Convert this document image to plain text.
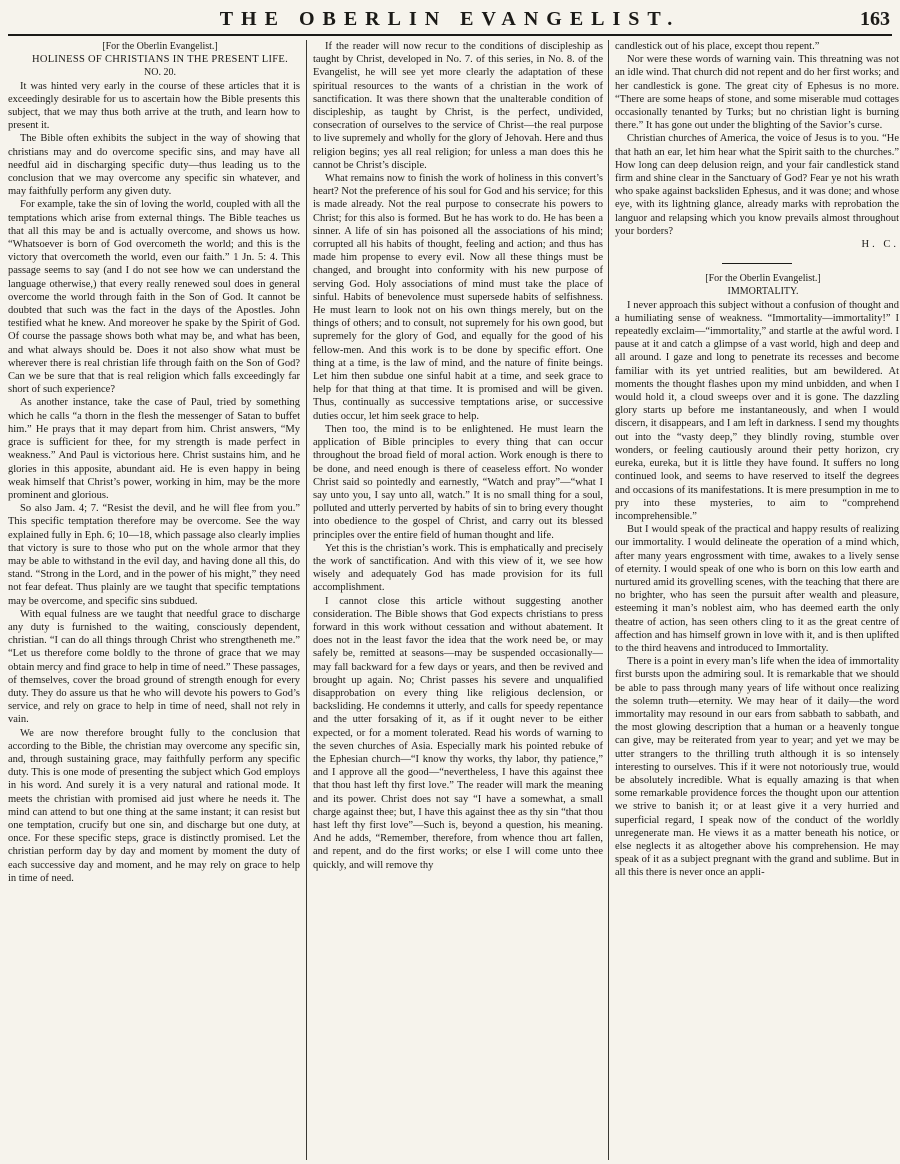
THE OBERLIN EVANGELIST.	163

[For the Oberlin Evangelist.]

HOLINESS OF CHRISTIANS IN THE PRESENT LIFE.

NO. 20.

It was hinted very early in the course of these articles that it is exceedingly desirable for us to ascertain how the Bible presents this subject, that we may thus both arrive at the truth, and learn how to present it.

The Bible often exhibits the subject in the way of showing that christians may and do overcome specific sins, and may have all needful aid in discharging specific duty—thus leading us to the conclusion that we may overcome any specific sin whatever, and may faithfully perform any given duty.

For example, take the sin of loving the world, coupled with all the temptations which arise from external things. The Bible teaches us that all this may be and is actually overcome, and shows us how. “Whatsoever is born of God overcometh the world; and this is the victory that overcometh the world, even our faith.” 1 Jn. 5: 4. This passage seems to say (and I do not see how we can understand the language otherwise,) that every really renewed soul does in general overcome the world through faith in the Son of God. It cannot be doubted that such was the fact in the days of the Apostles. John testified what he knew. And moreover he spake by the Spirit of God. Of course the passage shows both what may be, and what has been, and what always should be. Does it not also show what must be wherever there is real christian life through faith on the Son of God? Can we be sure that that is real religion which falls exceedingly far short of such experience?

As another instance, take the case of Paul, tried by something which he calls “a thorn in the flesh the messenger of Satan to buffet him.” He prays that it may depart from him. Christ answers, “My grace is sufficient for thee, for my strength is made perfect in weakness.” And Paul is victorious here. Christ sustains him, and he glories in this apposite, abundant aid. He is even happy in being weak himself that Christ’s power, working in him, may be the more prominent and glorious.

So also Jam. 4; 7. “Resist the devil, and he will flee from you.” This specific temptation therefore may be overcome. See the way explained fully in Eph. 6; 10—18, which passage also clearly implies that victory is sure to those who put on the whole armor that they may be able to withstand in the evil day, and having done all this, do stand. “Strong in the Lord, and in the power of his might,” they need not fear defeat. Thus plainly are we taught that specific temptations may be overcome, and specific sins subdued.

With equal fulness are we taught that needful grace to discharge any duty is furnished to the waiting, consciously dependent, christian. “I can do all things through Christ who strengtheneth me.” “Let us therefore come boldly to the throne of grace that we may obtain mercy and find grace to help in time of need.” These passages, of themselves, cover the broad ground of strength enough for every duty. They do assure us that he who will devote his powers to God’s service, and rely on grace to help in time of need, shall not rely in vain.

We are now therefore brought fully to the conclusion that according to the Bible, the christian may overcome any specific sin, and, through sustaining grace, may faithfully perform any specific duty. This is one mode of presenting the subject which God employs in his word. And surely it is a very natural and rational mode. It meets the christian with promised aid just where he needs it. The mind can attend to but one thing at the same instant; it can resist but one temptation, crucify but one sin, and discharge but one duty, at once. For these specific steps, grace is distinctly promised. Let the christian perform day by day and moment by moment the duty of each successive day and moment, and he may rely on grace to help in time of need.

If the reader will now recur to the conditions of discipleship as taught by Christ, developed in No. 7. of this series, in No. 8. of the Evangelist, he will see yet more clearly the adaptation of these spiritual resources to the wants of a christian in the work of sanctification. It was there shown that the unalterable condition of discipleship, as taught by Christ, is the perfect, undivided, consecration of ourselves to the service of Christ—the real purpose to live supremely and wholly for the glory of Jehovah. Here and thus religion begins; yes all real religion; for unless a man does this he cannot be Christ’s disciple.

What remains now to finish the work of holiness in this convert’s heart? Not the preference of his soul for God and his service; for this is made already. Not the real purpose to consecrate his powers to Christ; for this also is formed. But he has work to do. He has been a sinner. A life of sin has poisoned all the associations of his mind; corrupted all his habits of thought, feeling and action; and thus has made him propense to every evil. Now all these things must be changed, and brought into conformity with his new purpose of serving God. Holy associations of mind must take the place of sinful. Habits of benevolence must supersede habits of selfishness. He must learn to look not on his own things merely, but on the things of others; and to consult, not supremely for his own good, but supremely for the glory of God, and equally for the good of his fellow-men. And this work is to be done by specific effort. One thing at a time, is the law of mind, and the nature of finite beings. Let him then subdue one sinful habit at a time, and seek grace to help for that thing at that time. It is promised and will be given. Thus, continually as successive temptations arise, or successive duties occur, let him seek grace to help.

Then too, the mind is to be enlightened. He must learn the application of Bible principles to every thing that can occur throughout the broad field of moral action. Work enough is there to be done, and need enough is there of ceaseless effort. No wonder Christ said so pointedly and earnestly, “Watch and pray”—“what I say unto you, I say unto all, watch.” It is no small thing for a soul, polluted and utterly perverted by habits of sin to bring every thought into obedience to the gospel of Christ, and carry out its blessed principles over the entire field of human thought and life.

Yet this is the christian’s work. This is emphatically and precisely the work of sanctification. And with this view of it, we see how wisely and adequately God has made provision for its full accomplishment.

I cannot close this article without suggesting another consideration. The Bible shows that God expects christians to press forward in this work without cessation and without abatement. It does not in the least favor the idea that the work need be, or may safely be, remitted at seasons—may be suspended occasionally—may fall backward for a few days or years, and then be revived and brought up again. No; Christ passes his severe and unqualified disapprobation on every thing like religious declension, or backsliding. He condemns it utterly, and calls for speedy repentance and the utter forsaking of it, as if it ought never to be either expected, or for a moment tolerated. Read his words of warning to the seven churches of Asia. Especially mark his pointed rebuke of the Ephesian church—“I know thy works, thy labor, thy patience,” and I approve all the good—“nevertheless, I have this against thee that thou hast left thy first love.” The reader will mark the meaning and its power. Christ does not say “I have a somewhat, a small charge against thee; but, I have this against thee as thy sin “that thou hast left thy first love”—Such is, beyond a question, his meaning. And he adds, “Remember, therefore, from whence thou art fallen, and repent, and do the first works; or else I will come unto thee quickly, and will remove thy

candlestick out of his place, except thou repent.”

Nor were these words of warning vain. This threatning was not an idle wind. That church did not repent and do her first works; and her candlestick is gone. The great city of Ephesus is no more. “There are some heaps of stone, and some miserable mud cottages occasionally tenanted by Turks; but no christian light is burning there.” It has gone out under the blighting of the Savior’s curse.

Christian churches of America, the voice of Jesus is to you. “He that hath an ear, let him hear what the Spirit saith to the churches.” How long can deep delusion reign, and your fair candlestick stand firm and shine clear in the Sanctuary of God? Fear ye not his wrath who spake against backsliden Ephesus, and it was done; and whose eye, with its lightning glance, already marks with reprobation the languor and relapsing which you know prevails almost throughout your borders?

H. C.

[For the Oberlin Evangelist.]

IMMORTALITY.

I never approach this subject without a confusion of thought and a humiliating sense of weakness. “Immortality—immortality!” I repeatedly exclaim—“immortality,” and startle at the awful word. I pause at it and catch a glimpse of a vast world, high and deep and all around. I gaze and long to penetrate its recesses and become familiar with its yet untried realities, but am bewildered. At moments the thought flashes upon my mind unbidden, and when I would hold it, a cloud sweeps over and it is gone. The dazzling glory starts up before me instantaneously, and when I would discern, it disappears, and I am left in darkness. I send my thoughts out into the “vasty deep,” they blindly roving, stumble over wonders, or feeling cautiously around their petty horizon, cry eureka, eureka, but it is little they have found. It suffers no long continued look, and seems to have reserved to itself the degrees and occasions of its manifestations. It is mere presumption in me to pry into these mysteries, to aim to “comprehend incomprehensible.”

But I would speak of the practical and happy results of realizing our immortality. I would delineate the operation of a mind which, after many years engrossment with time, awakes to a lively sense of eternity. I would speak of one who is born on this low earth and nurtured amid its grovelling scenes, with the teaching that there are no brighter, who has seen the pursuit after wealth and pleasure, esteeming it man’s noblest aim, who has deemed earth the only theatre of action, has seen others cling to it as the great centre of affection and has himself grown in love with it, and is then uplifted to the third heavens and introduced to Immortality.

There is a point in every man’s life when the idea of immortality first bursts upon the admiring soul. It is remarkable that we should be able to pass through many years of life without once realizing the solemn truth—eternity. We may hear of it daily—the word immortality may resound in our ears from sabbath to sabbath, and the most glowing description that a human or a heavenly tongue can give, may be reiterated from year to year; and yet we may be utter strangers to the thrilling truth although it is so intensely interesting to ourselves. This if it were not notoriously true, would be absolutely incredible. What is equally amazing is that when some remarkable providence forces the thought upon our attention we strive to banish it; or at least give it a very hurried and superficial regard, I speak now of the conduct of the worldly unregenerate man. He views it as a matter beneath his notice, or else neglects it as altogether above his comprehension. He may speak of it as a subject pregnant with the grand and sublime. But in all this there is never once an appli-
